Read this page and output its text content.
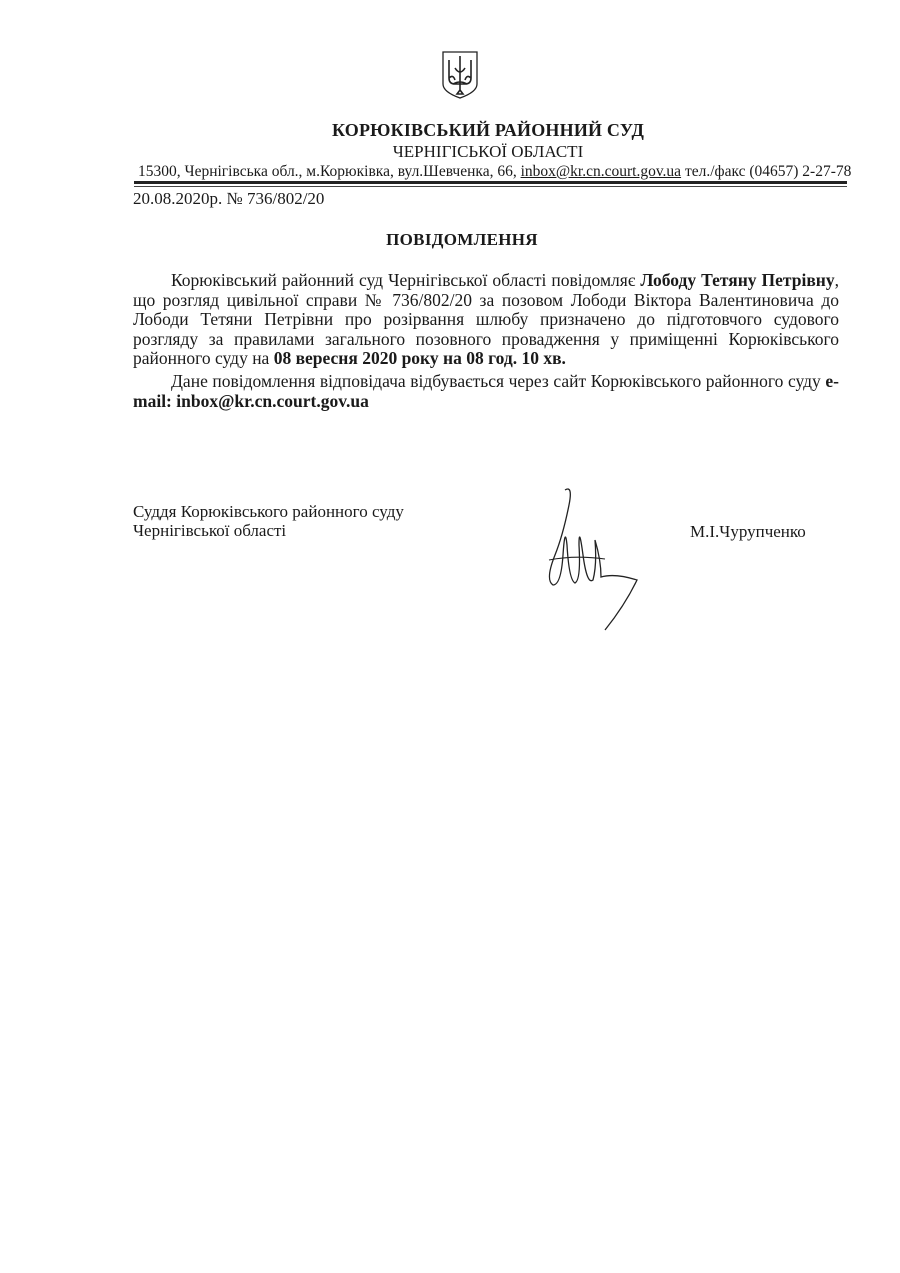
КОРЮКІВСЬКИЙ РАЙОННИЙ СУД
ЧЕРНІГІСЬКОЇ ОБЛАСТІ
15300, Чернігівська обл., м.Корюківка, вул.Шевченка, 66, inbox@kr.cn.court.gov.ua тел./факс (04657) 2-27-78
20.08.2020р. № 736/802/20
ПОВІДОМЛЕННЯ

Корюківський районний суд Чернігівської області повідомляє Лободу Тетяну Петрівну, що розгляд цивільної справи № 736/802/20 за позовом Лободи Віктора Валентиновича до Лободи Тетяни Петрівни про розірвання шлюбу призначено до підготовчого судового розгляду за правилами загального позовного провадження у приміщенні Корюківського районного суду на 08 вересня 2020 року на 08 год. 10 хв.

Дане повідомлення відповідача відбувається через сайт Корюківського районного суду e-mail: inbox@kr.cn.court.gov.ua

Суддя Корюківського районного суду
Чернігівської області	М.І.Чурупченко
